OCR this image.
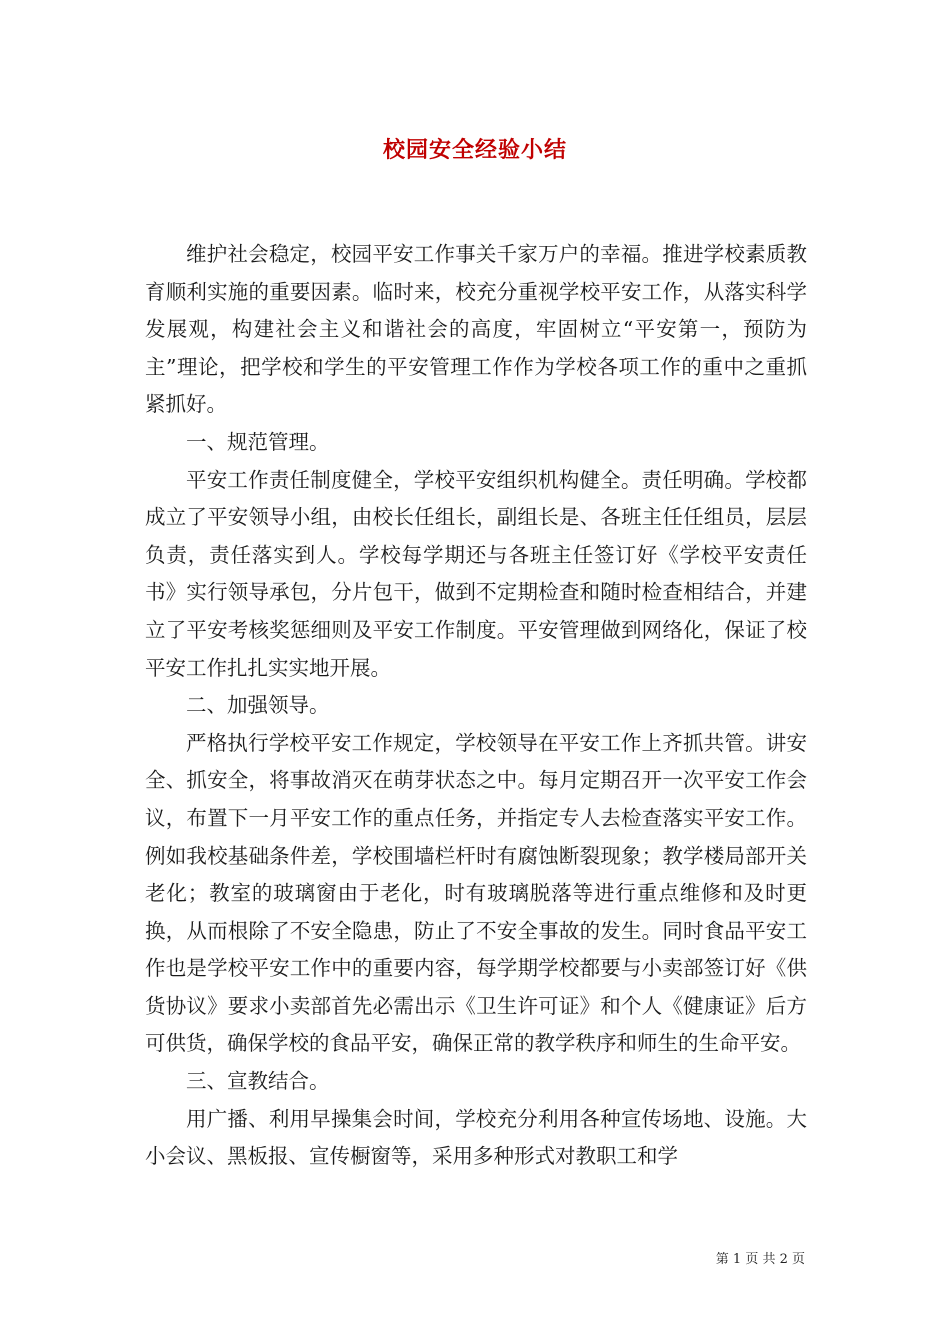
校园安全经验小结

维护社会稳定，校园平安工作事关千家万户的幸福。推进学校素质教育顺利实施的重要因素。临时来，校充分重视学校平安工作，从落实科学发展观，构建社会主义和谐社会的高度，牢固树立“平安第一，预防为主”理论，把学校和学生的平安管理工作作为学校各项工作的重中之重抓紧抓好。

一、规范管理。

平安工作责任制度健全，学校平安组织机构健全。责任明确。学校都成立了平安领导小组，由校长任组长，副组长是、各班主任任组员，层层负责，责任落实到人。学校每学期还与各班主任签订好《学校平安责任书》实行领导承包，分片包干，做到不定期检查和随时检查相结合，并建立了平安考核奖惩细则及平安工作制度。平安管理做到网络化，保证了校平安工作扎扎实实地开展。

二、加强领导。

严格执行学校平安工作规定，学校领导在平安工作上齐抓共管。讲安全、抓安全，将事故消灭在萌芽状态之中。每月定期召开一次平安工作会议，布置下一月平安工作的重点任务，并指定专人去检查落实平安工作。例如我校基础条件差，学校围墙栏杆时有腐蚀断裂现象；教学楼局部开关老化；教室的玻璃窗由于老化，时有玻璃脱落等进行重点维修和及时更换，从而根除了不安全隐患，防止了不安全事故的发生。同时食品平安工作也是学校平安工作中的重要内容，每学期学校都要与小卖部签订好《供货协议》要求小卖部首先必需出示《卫生许可证》和个人《健康证》后方可供货，确保学校的食品平安，确保正常的教学秩序和师生的生命平安。

三、宣教结合。

用广播、利用早操集会时间，学校充分利用各种宣传场地、设施。大小会议、黑板报、宣传橱窗等，采用多种形式对教职工和学

第 1 页 共 2 页
